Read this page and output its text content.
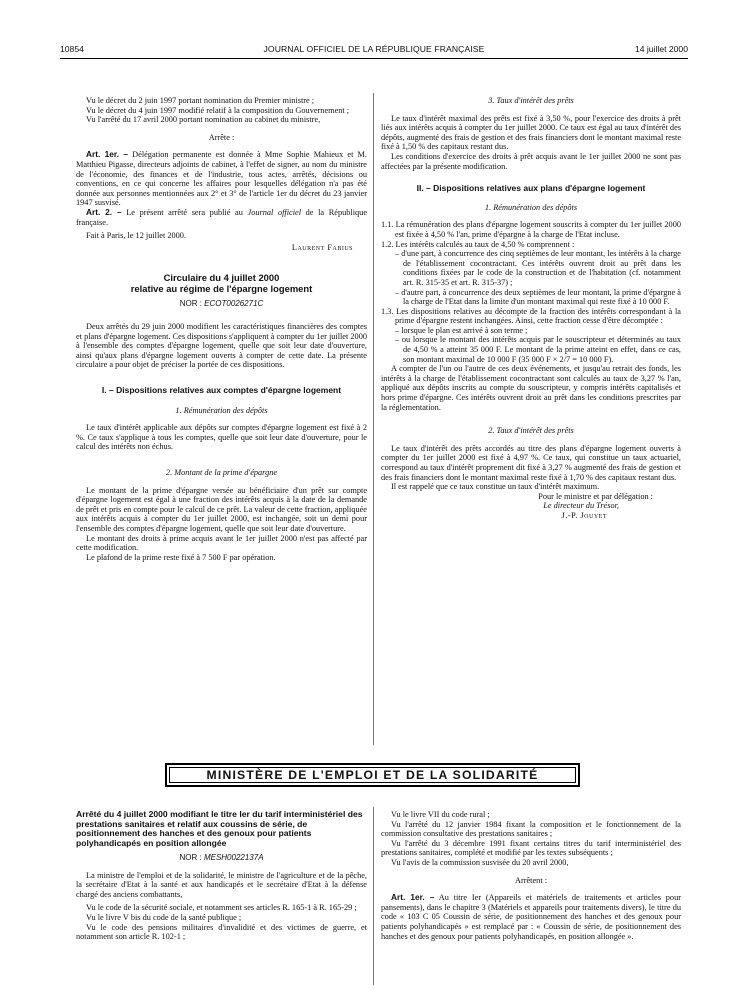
10854	JOURNAL OFFICIEL DE LA RÉPUBLIQUE FRANÇAISE	14 juillet 2000

Vu le décret du 2 juin 1997 portant nomination du Premier ministre ;

Vu le décret du 4 juin 1997 modifié relatif à la composition du Gouvernement ;

Vu l'arrêté du 17 avril 2000 portant nomination au cabinet du ministre,

Arrête :

Art. 1er. – Délégation permanente est donnée à Mme Sophie Mahieux et M. Matthieu Pigasse, directeurs adjoints de cabinet, à l'effet de signer, au nom du ministre de l'économie, des finances et de l'industrie, tous actes, arrêtés, décisions ou conventions, en ce qui concerne les affaires pour lesquelles délégation n'a pas été donnée aux personnes mentionnées aux 2° et 3° de l'article 1er du décret du 23 janvier 1947 susvisé.

Art. 2. – Le présent arrêté sera publié au Journal officiel de la République française.

Fait à Paris, le 12 juillet 2000.

Laurent Fabius

Circulaire du 4 juillet 2000
relative au régime de l'épargne logement

NOR : ECOT0026271C

Deux arrêtés du 29 juin 2000 modifient les caractéristiques financières des comptes et plans d'épargne logement. Ces dispositions s'appliquent à compter du 1er juillet 2000 à l'ensemble des comptes d'épargne logement, quelle que soit leur date d'ouverture, ainsi qu'aux plans d'épargne logement ouverts à compter de cette date. La présente circulaire a pour objet de préciser la portée de ces dispositions.

I. – Dispositions relatives aux comptes d'épargne logement

1. Rémunération des dépôts

Le taux d'intérêt applicable aux dépôts sur comptes d'épargne logement est fixé à 2 %. Ce taux s'applique à tous les comptes, quelle que soit leur date d'ouverture, pour le calcul des intérêts non échus.

2. Montant de la prime d'épargne

Le montant de la prime d'épargne versée au bénéficiaire d'un prêt sur compte d'épargne logement est égal à une fraction des intérêts acquis à la date de la demande de prêt et pris en compte pour le calcul de ce prêt. La valeur de cette fraction, appliquée aux intérêts acquis à compter du 1er juillet 2000, est inchangée, soit un demi pour l'ensemble des comptes d'épargne logement, quelle que soit leur date d'ouverture.

Le montant des droits à prime acquis avant le 1er juillet 2000 n'est pas affecté par cette modification.

Le plafond de la prime reste fixé à 7 500 F par opération.

3. Taux d'intérêt des prêts

Le taux d'intérêt maximal des prêts est fixé à 3,50 %, pour l'exercice des droits à prêt liés aux intérêts acquis à compter du 1er juillet 2000. Ce taux est égal au taux d'intérêt des dépôts, augmenté des frais de gestion et des frais financiers dont le montant maximal reste fixé à 1,50 % des capitaux restant dus.

Les conditions d'exercice des droits à prêt acquis avant le 1er juillet 2000 ne sont pas affectées par la présente modification.

II. – Dispositions relatives aux plans d'épargne logement

1. Rémunération des dépôts

1.1. La rémunération des plans d'épargne logement souscrits à compter du 1er juillet 2000 est fixée à 4,50 % l'an, prime d'épargne à la charge de l'Etat incluse.

1.2. Les intérêts calculés au taux de 4,50 % comprennent :

– d'une part, à concurrence des cinq septièmes de leur montant, les intérêts à la charge de l'établissement cocontractant. Ces intérêts ouvrent droit au prêt dans les conditions fixées par le code de la construction et de l'habitation (cf. notamment art. R. 315-35 et art. R. 315-37) ;

– d'autre part, à concurrence des deux septièmes de leur montant, la prime d'épargne à la charge de l'Etat dans la limite d'un montant maximal qui reste fixé à 10 000 F.

1.3. Les dispositions relatives au décompte de la fraction des intérêts correspondant à la prime d'épargne restent inchangées. Ainsi, cette fraction cesse d'être décomptée :

– lorsque le plan est arrivé à son terme ;

– ou lorsque le montant des intérêts acquis par le souscripteur et déterminés au taux de 4,50 % a atteint 35 000 F. Le montant de la prime atteint en effet, dans ce cas, son montant maximal de 10 000 F (35 000 F × 2/7 = 10 000 F).

A compter de l'un ou l'autre de ces deux événements, et jusqu'au retrait des fonds, les intérêts à la charge de l'établissement cocontractant sont calculés au taux de 3,27 % l'an, appliqué aux dépôts inscrits au compte du souscripteur, y compris intérêts capitalisés et hors prime d'épargne. Ces intérêts ouvrent droit au prêt dans les conditions prescrites par la réglementation.

2. Taux d'intérêt des prêts

Le taux d'intérêt des prêts accordés au titre des plans d'épargne logement ouverts à compter du 1er juillet 2000 est fixé à 4,97 %. Ce taux, qui constitue un taux actuariel, correspond au taux d'intérêt proprement dit fixé à 3,27 % augmenté des frais de gestion et des frais financiers dont le montant maximal reste fixé à 1,70 % des capitaux restant dus.

Il est rappelé que ce taux constitue un taux d'intérêt maximum.

Pour le ministre et par délégation :

Le directeur du Trésor,

J.-P. Jouyet

MINISTÈRE DE L'EMPLOI ET DE LA SOLIDARITÉ

Arrêté du 4 juillet 2000 modifiant le titre Ier du tarif interministériel des prestations sanitaires et relatif aux coussins de série, de positionnement des hanches et des genoux pour patients polyhandicapés en position allongée

NOR : MESH0022137A

La ministre de l'emploi et de la solidarité, le ministre de l'agriculture et de la pêche, la secrétaire d'Etat à la santé et aux handicapés et le secrétaire d'Etat à la défense chargé des anciens combattants,

Vu le code de la sécurité sociale, et notamment ses articles R. 165-1 à R. 165-29 ;

Vu le livre V bis du code de la santé publique ;

Vu le code des pensions militaires d'invalidité et des victimes de guerre, et notamment son article R. 102-1 ;

Vu le livre VII du code rural ;

Vu l'arrêté du 12 janvier 1984 fixant la composition et le fonctionnement de la commission consultative des prestations sanitaires ;

Vu l'arrêté du 3 décembre 1991 fixant certains titres du tarif interministériel des prestations sanitaires, complété et modifié par les textes subséquents ;

Vu l'avis de la commission susvisée du 20 avril 2000,

Arrêtent :

Art. 1er. – Au titre Ier (Appareils et matériels de traitements et articles pour pansements), dans le chapitre 3 (Matériels et appareils pour traitements divers), le titre du code « 103 C 05 Coussin de série, de positionnement des hanches et des genoux pour patients polyhandicapés » est remplacé par : « Coussin de série, de positionnement des hanches et des genoux pour patients polyhandicapés, en position allongée ».
